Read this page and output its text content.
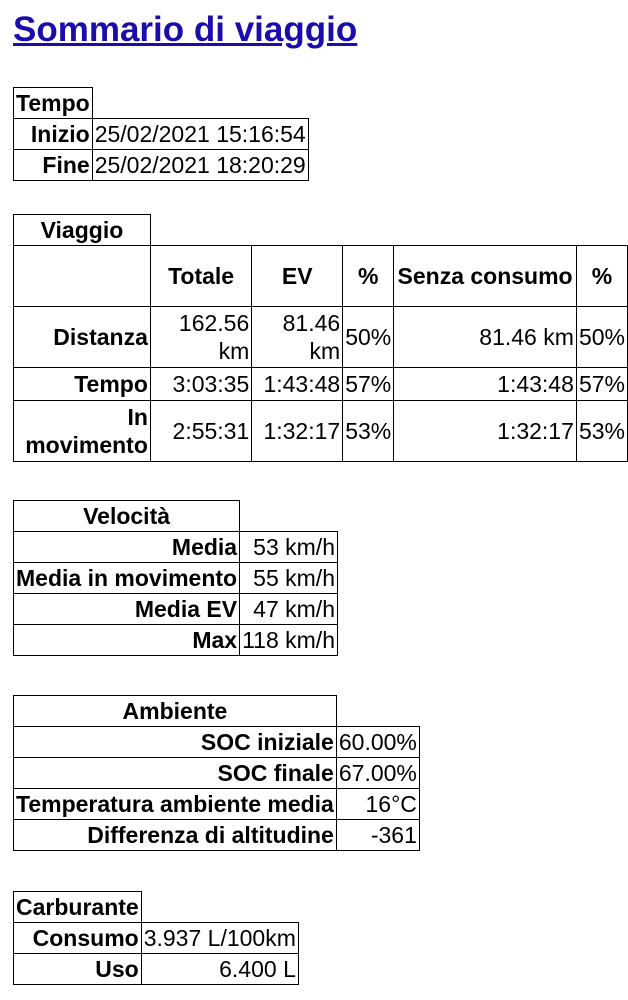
Sommario di viaggio
Tempo	
Inizio	25/02/2021 15:16:54
Fine	25/02/2021 18:20:29
Viaggio					
	Totale	EV	%	Senza consumo	%
Distanza	162.56 km	81.46 km	50%	81.46 km	50%
Tempo	3:03:35	1:43:48	57%	1:43:48	57%
In movimento	2:55:31	1:32:17	53%	1:32:17	53%
Velocità	
Media	53 km/h
Media in movimento	55 km/h
Media EV	47 km/h
Max	118 km/h
Ambiente	
SOC iniziale	60.00%
SOC finale	67.00%
Temperatura ambiente media	16°C
Differenza di altitudine	-361
Carburante	
Consumo	3.937 L/100km
Uso	6.400 L
